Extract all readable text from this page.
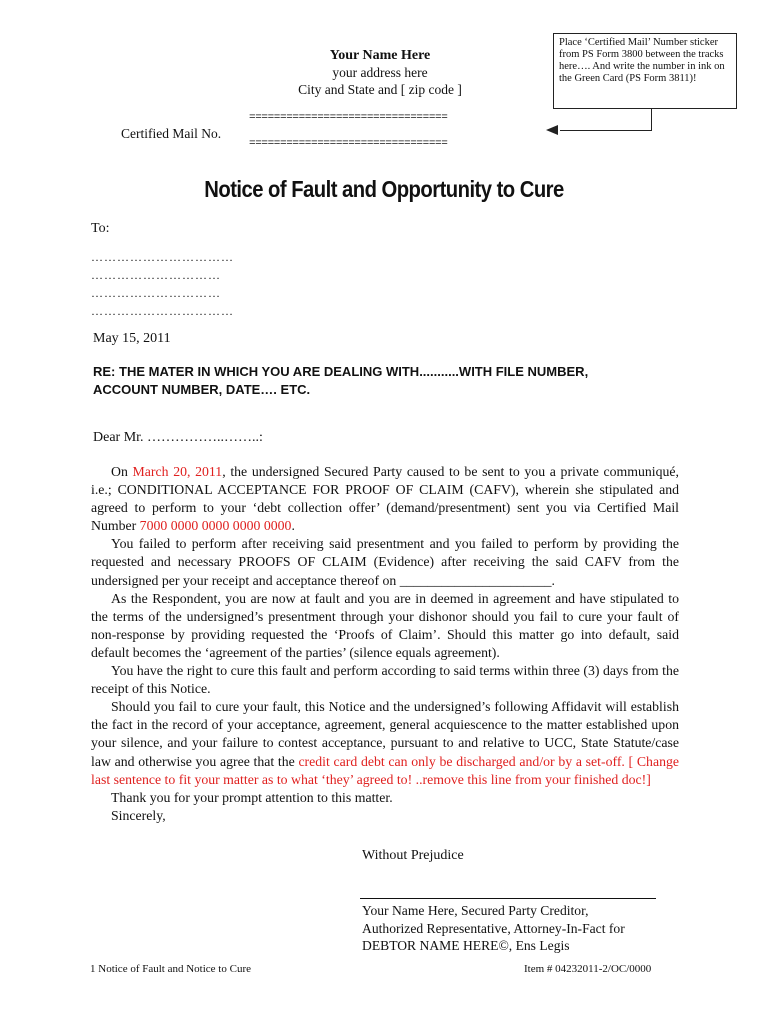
Your Name Here
your address here
City and State and [ zip code ]
Place ‘Certified Mail’ Number sticker from PS Form 3800 between the tracks here…. And write the number in ink on the Green Card (PS Form 3811)!
Certified Mail No.
================================
================================
Notice of Fault and Opportunity to Cure
To:
……………………………
…………………………
…………………………
……………………………
May 15, 2011
RE: THE MATER IN WHICH YOU ARE DEALING WITH...........WITH FILE NUMBER, ACCOUNT NUMBER, DATE…. ETC.
Dear Mr. ……………..……..:

On March 20, 2011, the undersigned Secured Party caused to be sent to you a private communiqué, i.e.; CONDITIONAL ACCEPTANCE FOR PROOF OF CLAIM (CAFV), wherein she stipulated and agreed to perform to your ‘debt collection offer’ (demand/presentment) sent you via Certified Mail Number 7000 0000 0000 0000 0000.

You failed to perform after receiving said presentment and you failed to perform by providing the requested and necessary PROOFS OF CLAIM (Evidence) after receiving the said CAFV from the undersigned per your receipt and acceptance thereof on ______________________.

As the Respondent, you are now at fault and you are in deemed in agreement and have stipulated to the terms of the undersigned’s presentment through your dishonor should you fail to cure your fault of non-response by providing requested the ‘Proofs of Claim’. Should this matter go into default, said default becomes the ‘agreement of the parties’ (silence equals agreement).

You have the right to cure this fault and perform according to said terms within three (3) days from the receipt of this Notice.

Should you fail to cure your fault, this Notice and the undersigned’s following Affidavit will establish the fact in the record of your acceptance, agreement, general acquiescence to the matter established upon your silence, and your failure to contest acceptance, pursuant to and relative to UCC, State Statute/case law and otherwise you agree that the credit card debt can only be discharged and/or by a set-off. [ Change last sentence to fit your matter as to what ‘they’ agreed to! ..remove this line from your finished doc!]

Thank you for your prompt attention to this matter.

Sincerely,

Without Prejudice
Your Name Here, Secured Party Creditor,
Authorized Representative, Attorney-In-Fact for
DEBTOR NAME HERE©, Ens Legis
1 Notice of Fault and Notice to Cure	Item # 04232011-2/OC/0000
